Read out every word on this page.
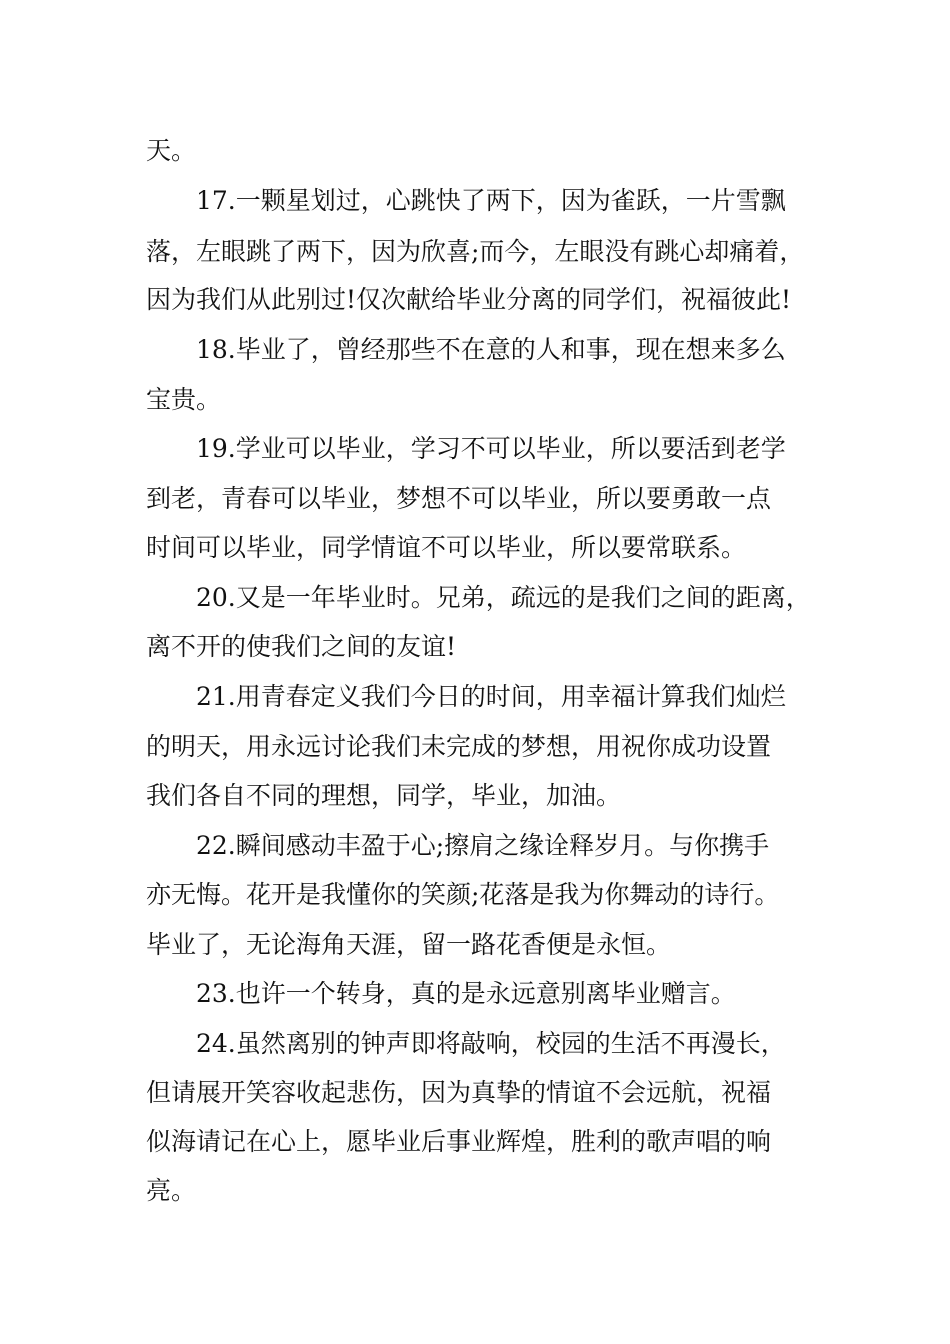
天。
17.一颗星划过，心跳快了两下，因为雀跃，一片雪飘
落，左眼跳了两下，因为欣喜;而今，左眼没有跳心却痛着，
因为我们从此别过!仅次献给毕业分离的同学们，祝福彼此!
18.毕业了，曾经那些不在意的人和事，现在想来多么
宝贵。
19.学业可以毕业，学习不可以毕业，所以要活到老学
到老，青春可以毕业，梦想不可以毕业，所以要勇敢一点
时间可以毕业，同学情谊不可以毕业，所以要常联系。
20.又是一年毕业时。兄弟，疏远的是我们之间的距离，
离不开的使我们之间的友谊!
21.用青春定义我们今日的时间，用幸福计算我们灿烂
的明天，用永远讨论我们未完成的梦想，用祝你成功设置
我们各自不同的理想，同学，毕业，加油。
22.瞬间感动丰盈于心;擦肩之缘诠释岁月。与你携手
亦无悔。花开是我懂你的笑颜;花落是我为你舞动的诗行。
毕业了，无论海角天涯，留一路花香便是永恒。
23.也许一个转身，真的是永远意别离毕业赠言。
24.虽然离别的钟声即将敲响，校园的生活不再漫长，
但请展开笑容收起悲伤，因为真挚的情谊不会远航，祝福
似海请记在心上，愿毕业后事业辉煌，胜利的歌声唱的响
亮。
